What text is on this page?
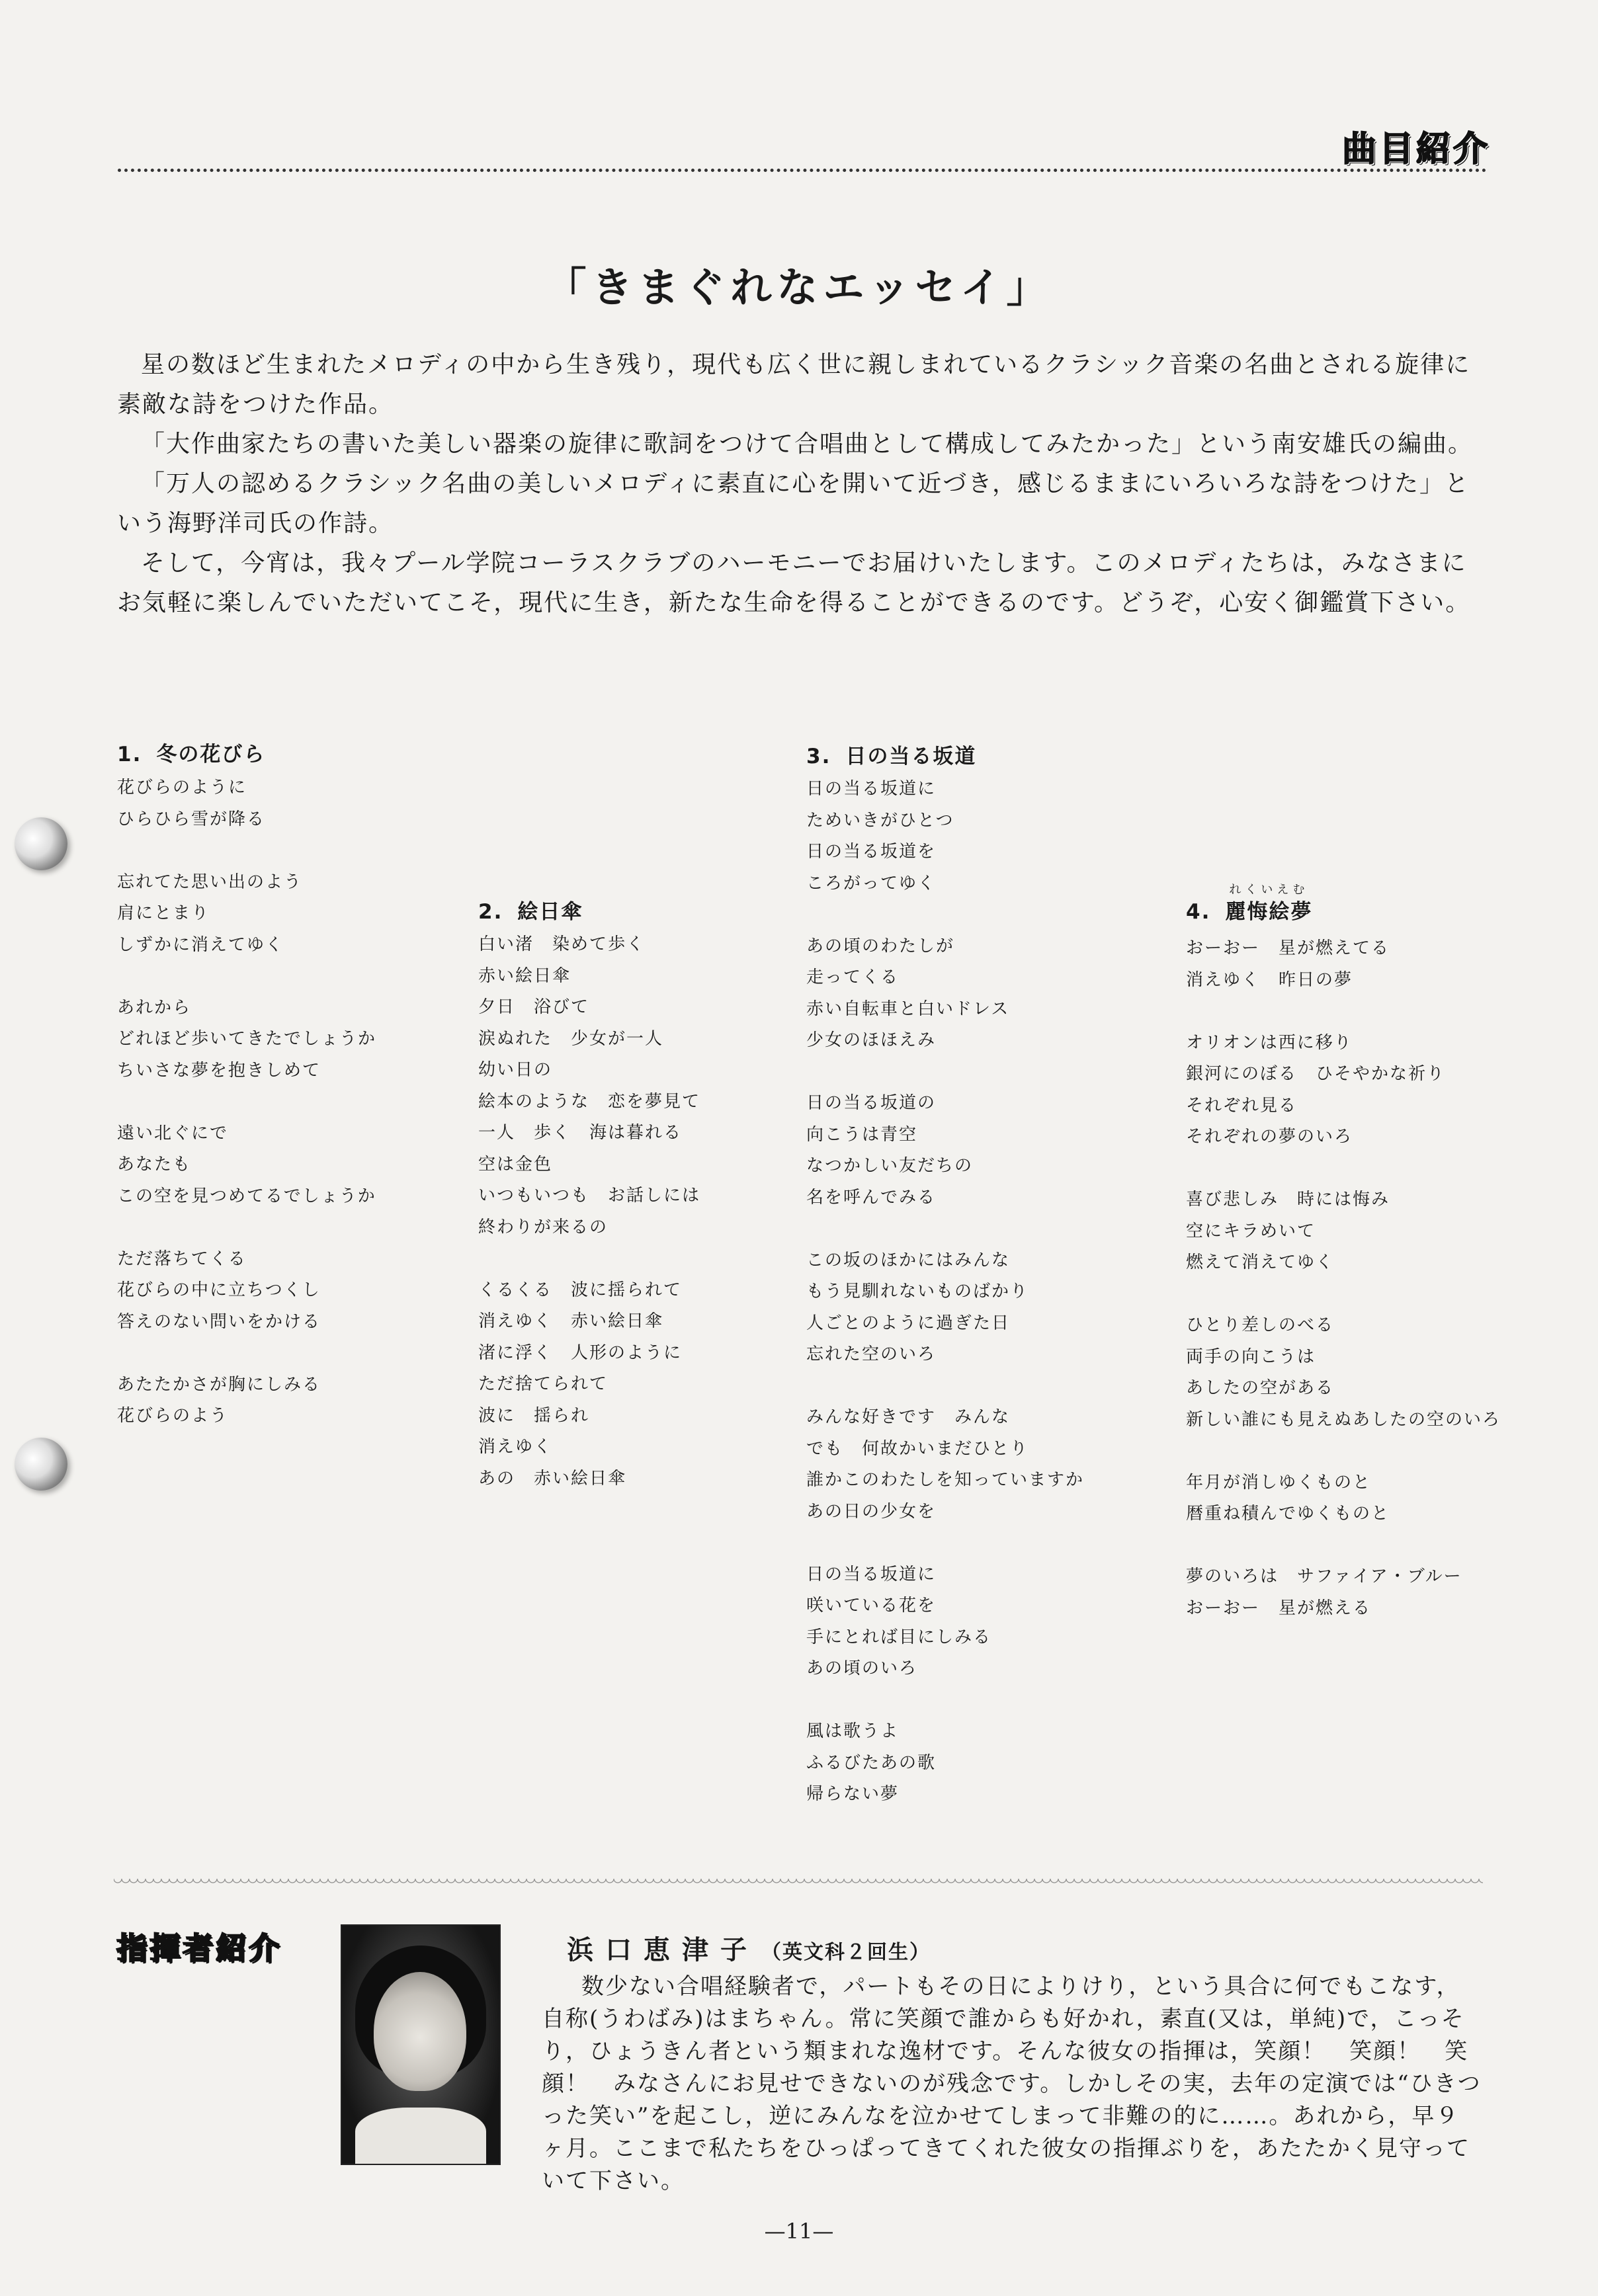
曲目紹介
「きまぐれなエッセイ」

星の数ほど生まれたメロディの中から生き残り，現代も広く世に親しまれているクラシック音楽の名曲とされる旋律に素敵な詩をつけた作品。

「大作曲家たちの書いた美しい器楽の旋律に歌詞をつけて合唱曲として構成してみたかった」という南安雄氏の編曲。

「万人の認めるクラシック名曲の美しいメロディに素直に心を開いて近づき，感じるままにいろいろな詩をつけた」という海野洋司氏の作詩。

そして，今宵は，我々プール学院コーラスクラブのハーモニーでお届けいたします。このメロディたちは，みなさまにお気軽に楽しんでいただいてこそ，現代に生き，新たな生命を得ることができるのです。どうぞ，心安く御鑑賞下さい。

1. 冬の花びら
花びらのように
ひらひら雪が降る
忘れてた思い出のよう
肩にとまり
しずかに消えてゆく
あれから
どれほど歩いてきたでしょうか
ちいさな夢を抱きしめて
遠い北ぐにで
あなたも
この空を見つめてるでしょうか
ただ落ちてくる
花びらの中に立ちつくし
答えのない問いをかける
あたたかさが胸にしみる
花びらのよう
2. 絵日傘
白い渚　染めて歩く
赤い絵日傘
夕日　浴びて
涙ぬれた　少女が一人
幼い日の
絵本のような　恋を夢見て
一人　歩く　海は暮れる
空は金色
いつもいつも　お話しには
終わりが来るの
くるくる　波に揺られて
消えゆく　赤い絵日傘
渚に浮く　人形のように
ただ捨てられて
波に　揺られ
消えゆく
あの　赤い絵日傘
3. 日の当る坂道
日の当る坂道に
ためいきがひとつ
日の当る坂道を
ころがってゆく
あの頃のわたしが
走ってくる
赤い自転車と白いドレス
少女のほほえみ
日の当る坂道の
向こうは青空
なつかしい友だちの
名を呼んでみる
この坂のほかにはみんな
もう見馴れないものばかり
人ごとのように過ぎた日
忘れた空のいろ
みんな好きです　みんな
でも　何故かいまだひとり
誰かこのわたしを知っていますか
あの日の少女を
日の当る坂道に
咲いている花を
手にとれば目にしみる
あの頃のいろ
風は歌うよ
ふるびたあの歌
帰らない夢
4.
れくいえむ
麗悔絵夢
おーおー　星が燃えてる
消えゆく　昨日の夢
オリオンは西に移り
銀河にのぼる　ひそやかな祈り
それぞれ見る
それぞれの夢のいろ
喜び悲しみ　時には悔み
空にキラめいて
燃えて消えてゆく
ひとり差しのべる
両手の向こうは
あしたの空がある
新しい誰にも見えぬあしたの空のいろ
年月が消しゆくものと
暦重ね積んでゆくものと
夢のいろは　サファイア・ブルー
おーおー　星が燃える
指揮者紹介	浜口恵津子 （英文科２回生）

数少ない合唱経験者で，パートもその日によりけり，という具合に何でもこなす，自称(うわばみ)はまちゃん。常に笑顔で誰からも好かれ，素直(又は，単純)で，こっそり，ひょうきん者という類まれな逸材です。そんな彼女の指揮は，笑顔！　笑顔！　笑顔！　みなさんにお見せできないのが残念です。しかしその実，去年の定演では“ひきつった笑い”を起こし，逆にみんなを泣かせてしまって非難の的に……。あれから，早９ヶ月。ここまで私たちをひっぱってきてくれた彼女の指揮ぶりを，あたたかく見守っていて下さい。

—11—
